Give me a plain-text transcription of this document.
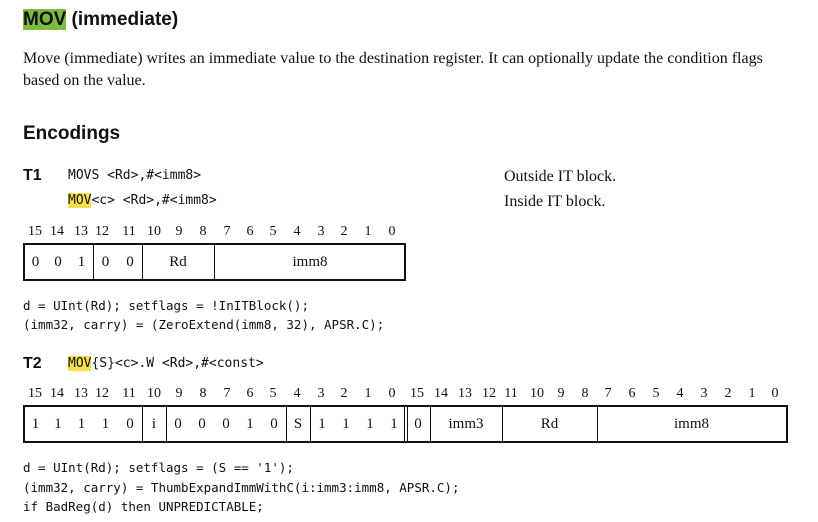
MOV (immediate)
Move (immediate) writes an immediate value to the destination register. It can optionally update the condition flags based on the value.
Encodings
T1 MOVS <Rd>,#<imm8>
MOV<c> <Rd>,#<imm8>
Outside IT block.
Inside IT block.
15 14 13 12 11 10	9	8	7	6	5	4	3	2	1	0
0	0	1	0	0	Rd	imm8
d = UInt(Rd); setflags = !InITBlock();
(imm32, carry) = (ZeroExtend(imm8, 32), APSR.C);
T2 MOV{S}<c>.W <Rd>,#<const>
15 14 13 12 11 10	9	8	7	6	5	4	3	2	1	0	15 14 13 12 11 10 9	8	7	6	5	4	3	2	1	0
1	1	1	1	0	i	0	0	0	1	0	S	1	1	1	1	0	imm3	Rd	imm8
d = UInt(Rd); setflags = (S == '1');
(imm32, carry) = ThumbExpandImmWithC(i:imm3:imm8, APSR.C);
if BadReg(d) then UNPREDICTABLE;
